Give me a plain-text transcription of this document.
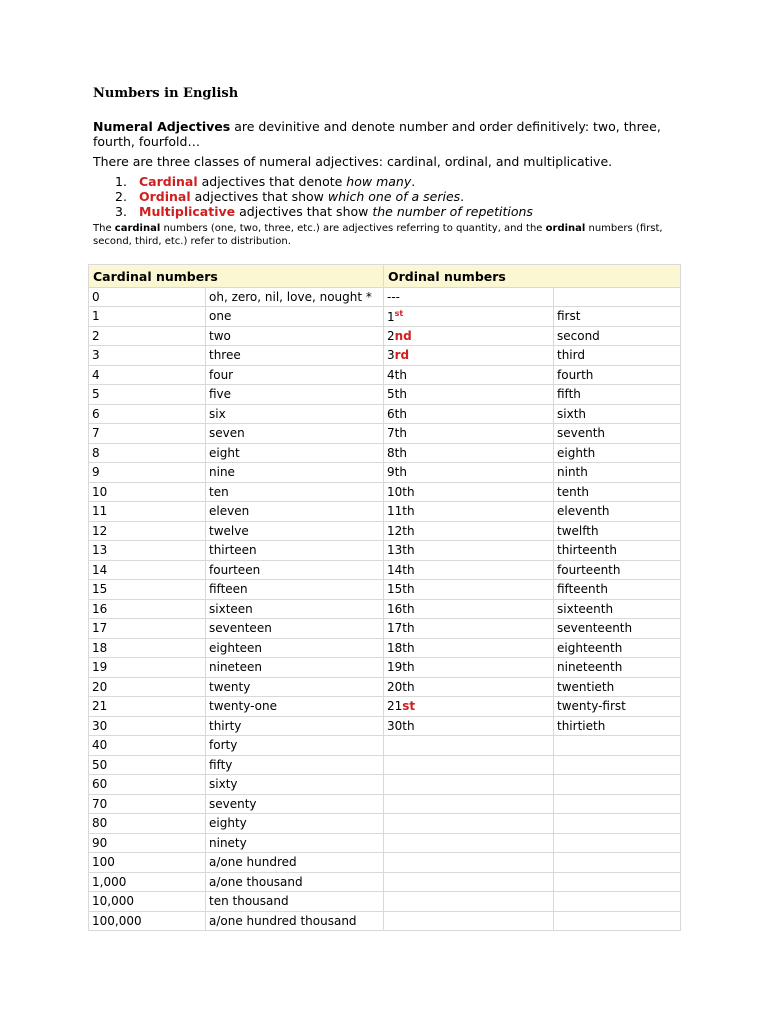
Numbers in English

Numeral Adjectives are devinitive and denote number and order definitively: two, three, fourth, fourfold…

There are three classes of numeral adjectives: cardinal, ordinal, and multiplicative.

1. Cardinal adjectives that denote how many.
2. Ordinal adjectives that show which one of a series.
3. Multiplicative adjectives that show the number of repetitions

The cardinal numbers (one, two, three, etc.) are adjectives referring to quantity, and the ordinal numbers (first, second, third, etc.) refer to distribution.

Cardinal numbers		Ordinal numbers	
0	oh, zero, nil, love, nought *	---	
1	one	1st	first
2	two	2nd	second
3	three	3rd	third
4	four	4th	fourth
5	five	5th	fifth
6	six	6th	sixth
7	seven	7th	seventh
8	eight	8th	eighth
9	nine	9th	ninth
10	ten	10th	tenth
11	eleven	11th	eleventh
12	twelve	12th	twelfth
13	thirteen	13th	thirteenth
14	fourteen	14th	fourteenth
15	fifteen	15th	fifteenth
16	sixteen	16th	sixteenth
17	seventeen	17th	seventeenth
18	eighteen	18th	eighteenth
19	nineteen	19th	nineteenth
20	twenty	20th	twentieth
21	twenty-one	21st	twenty-first
30	thirty	30th	thirtieth
40	forty		
50	fifty		
60	sixty		
70	seventy		
80	eighty		
90	ninety		
100	a/one hundred		
1,000	a/one thousand		
10,000	ten thousand		
100,000	a/one hundred thousand		
